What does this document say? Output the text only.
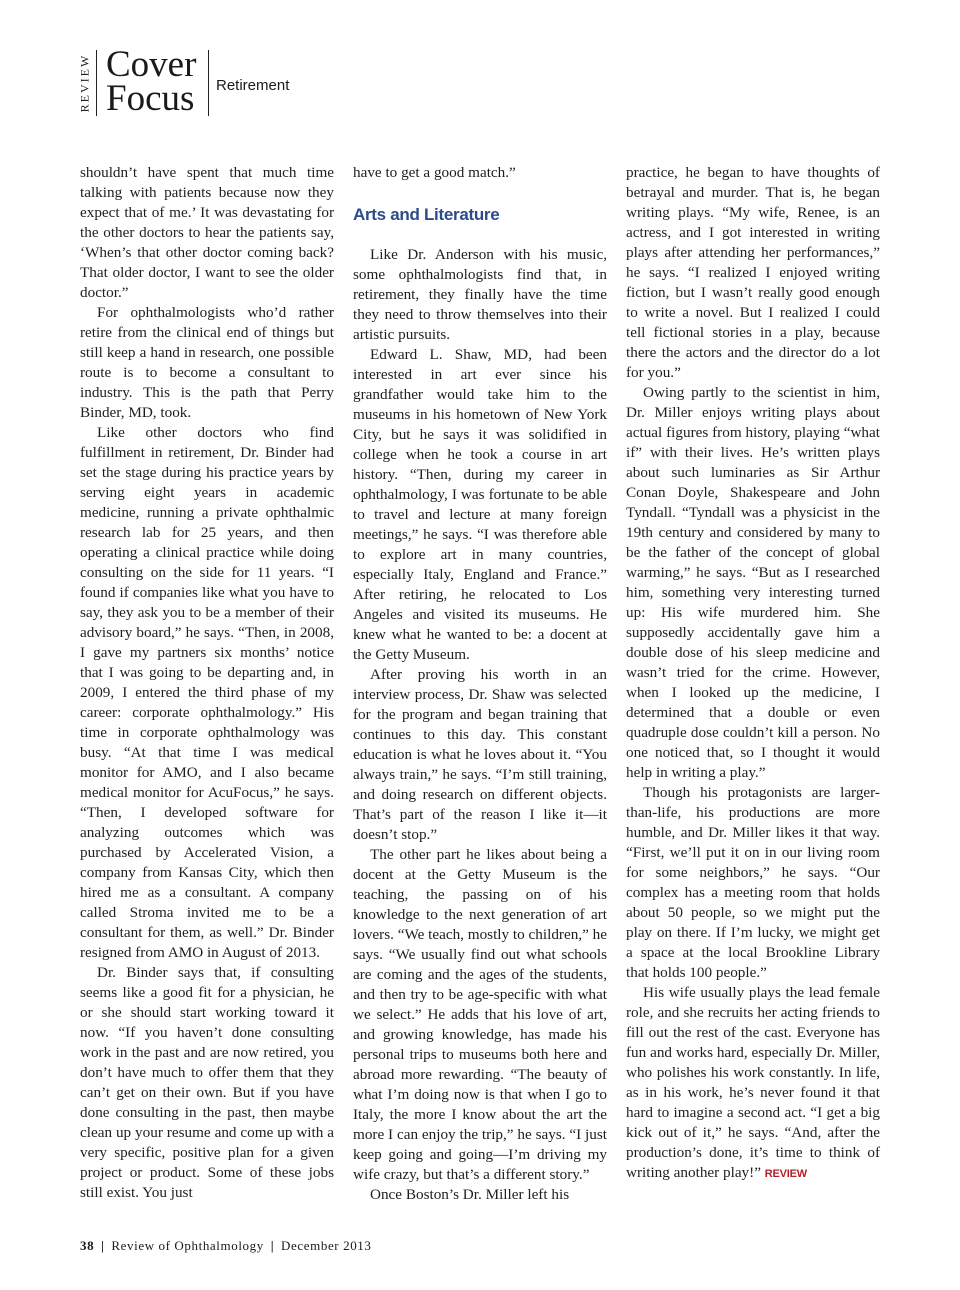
REVIEW Cover
Focus	Retirement

shouldn’t have spent that much time talking with patients because now they expect that of me.’ It was devastating for the other doctors to hear the patients say, ‘When’s that other doctor coming back? That older doctor, I want to see the older doctor.”

For ophthalmologists who’d rather retire from the clinical end of things but still keep a hand in research, one possible route is to become a consultant to industry. This is the path that Perry Binder, MD, took.

Like other doctors who find fulfillment in retirement, Dr. Binder had set the stage during his practice years by serving eight years in academic medicine, running a private ophthalmic research lab for 25 years, and then operating a clinical practice while doing consulting on the side for 11 years. “I found if companies like what you have to say, they ask you to be a member of their advisory board,” he says. “Then, in 2008, I gave my partners six months’ notice that I was going to be departing and, in 2009, I entered the third phase of my career: corporate ophthalmology.” His time in corporate ophthalmology was busy. “At that time I was medical monitor for AMO, and I also became medical monitor for AcuFocus,” he says. “Then, I developed software for analyzing outcomes which was purchased by Accelerated Vision, a company from Kansas City, which then hired me as a consultant. A company called Stroma invited me to be a consultant for them, as well.” Dr. Binder resigned from AMO in August of 2013.

Dr. Binder says that, if consulting seems like a good fit for a physician, he or she should start working toward it now. “If you haven’t done consulting work in the past and are now retired, you don’t have much to offer them that they can’t get on their own. But if you have done consulting in the past, then maybe clean up your resume and come up with a very specific, positive plan for a given project or product. Some of these jobs still exist. You just

have to get a good match.”

Arts and Literature

Like Dr. Anderson with his music, some ophthalmologists find that, in retirement, they finally have the time they need to throw themselves into their artistic pursuits.

Edward L. Shaw, MD, had been interested in art ever since his grandfather would take him to the museums in his hometown of New York City, but he says it was solidified in college when he took a course in art history. “Then, during my career in ophthalmology, I was fortunate to be able to travel and lecture at many foreign meetings,” he says. “I was therefore able to explore art in many countries, especially Italy, England and France.” After retiring, he relocated to Los Angeles and visited its museums. He knew what he wanted to be: a docent at the Getty Museum.

After proving his worth in an interview process, Dr. Shaw was selected for the program and began training that continues to this day. This constant education is what he loves about it. “You always train,” he says. “I’m still training, and doing research on different objects. That’s part of the reason I like it—it doesn’t stop.”

The other part he likes about being a docent at the Getty Museum is the teaching, the passing on of his knowledge to the next generation of art lovers. “We teach, mostly to children,” he says. “We usually find out what schools are coming and the ages of the students, and then try to be age-specific with what we select.” He adds that his love of art, and growing knowledge, has made his personal trips to museums both here and abroad more rewarding. “The beauty of what I’m doing now is that when I go to Italy, the more I know about the art the more I can enjoy the trip,” he says. “I just keep going and going—I’m driving my wife crazy, but that’s a different story.”

Once Boston’s Dr. Miller left his

practice, he began to have thoughts of betrayal and murder. That is, he began writing plays. “My wife, Renee, is an actress, and I got interested in writing plays after attending her performances,” he says. “I realized I enjoyed writing fiction, but I wasn’t really good enough to write a novel. But I realized I could tell fictional stories in a play, because there the actors and the director do a lot for you.”

Owing partly to the scientist in him, Dr. Miller enjoys writing plays about actual figures from history, playing “what if” with their lives. He’s written plays about such luminaries as Sir Arthur Conan Doyle, Shakespeare and John Tyndall. “Tyndall was a physicist in the 19th century and considered by many to be the father of the concept of global warming,” he says. “But as I researched him, something very interesting turned up: His wife murdered him. She supposedly accidentally gave him a double dose of his sleep medicine and wasn’t tried for the crime. However, when I looked up the medicine, I determined that a double or even quadruple dose couldn’t kill a person. No one noticed that, so I thought it would help in writing a play.”

Though his protagonists are larger-than-life, his productions are more humble, and Dr. Miller likes it that way. “First, we’ll put it on in our living room for some neighbors,” he says. “Our complex has a meeting room that holds about 50 people, so we might put the play on there. If I’m lucky, we might get a space at the local Brookline Library that holds 100 people.”

His wife usually plays the lead female role, and she recruits her acting friends to fill out the rest of the cast. Everyone has fun and works hard, especially Dr. Miller, who polishes his work constantly. In life, as in his work, he’s never found it that hard to imagine a second act. “I get a big kick out of it,” he says. “And, after the production’s done, it’s time to think of writing another play!” REVIEW

38 | Review of Ophthalmology | December 2013
